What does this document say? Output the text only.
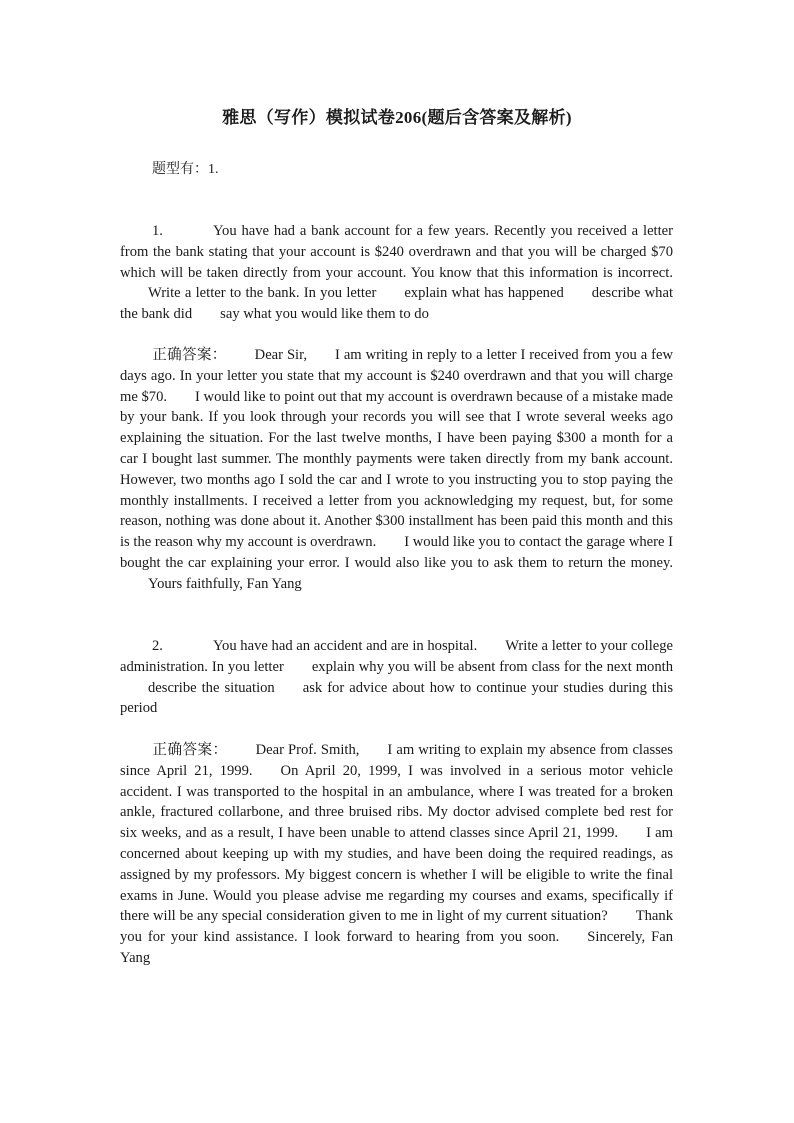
雅思（写作）模拟试卷206(题后含答案及解析)
题型有：1.
1.	You have had a bank account for a few years. Recently you received a letter from the bank stating that your account is $240 overdrawn and that you will be charged $70 which will be taken directly from your account. You know that this information is incorrect.Write a letter to the bank. In you letter explain what has happened describe what the bank did say what you would like them to do
正确答案： Dear Sir, I am writing in reply to a letter I received from you a few days ago. In your letter you state that my account is $240 overdrawn and that you will charge me $70. I would like to point out that my account is overdrawn because of a mistake made by your bank. If you look through your records you will see that I wrote several weeks ago explaining the situation. For the last twelve months, I have been paying $300 a month for a car I bought last summer. The monthly payments were taken directly from my bank account. However, two months ago I sold the car and I wrote to you instructing you to stop paying the monthly installments. I received a letter from you acknowledging my request, but, for some reason, nothing was done about it. Another $300 installment has been paid this month and this is the reason why my account is overdrawn. I would like you to contact the garage where I bought the car explaining your error. I would also like you to ask them to return the money.Yours faithfully, Fan Yang
2.	You have had an accident and are in hospital. Write a letter to your college administration. In you letter explain why you will be absent from class for the next monthdescribe the situation ask for advice about how to continue your studies during this period
正确答案： Dear Prof. Smith, I am writing to explain my absence from classes since April 21, 1999. On April 20, 1999, I was involved in a serious motor vehicle accident. I was transported to the hospital in an ambulance, where I was treated for a broken ankle, fractured collarbone, and three bruised ribs. My doctor advised complete bed rest for six weeks, and as a result, I have been unable to attend classes since April 21, 1999. I am concerned about keeping up with my studies, and have been doing the required readings, as assigned by my professors. My biggest concern is whether I will be eligible to write the final exams in June. Would you please advise me regarding my courses and exams, specifically if there will be any special consideration given to me in light of my current situation? Thank you for your kind assistance. I look forward to hearing from you soon. Sincerely, Fan Yang
